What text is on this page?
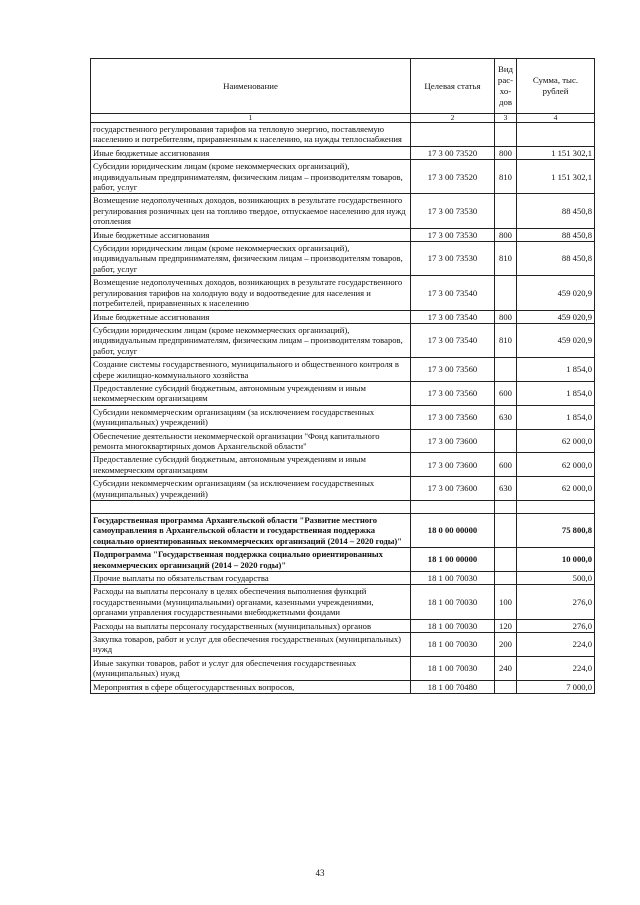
Наименование	Целевая статья	Вид рас-хо-дов	Сумма, тыс. рублей
1	2	3	4
государственного регулирования тарифов на тепловую энергию, поставляемую населению и потребителям, приравненным к населению, на нужды теплоснабжения			
Иные бюджетные ассигнования	17 3 00 73520	800	1 151 302,1
Субсидии юридическим лицам (кроме некоммерческих организаций), индивидуальным предпринимателям, физическим лицам – производителям товаров, работ, услуг	17 3 00 73520	810	1 151 302,1
Возмещение недополученных доходов, возникающих в результате государственного регулирования розничных цен на топливо твердое, отпускаемое населению для нужд отопления	17 3 00 73530		88 450,8
Иные бюджетные ассигнования	17 3 00 73530	800	88 450,8
Субсидии юридическим лицам (кроме некоммерческих организаций), индивидуальным предпринимателям, физическим лицам – производителям товаров, работ, услуг	17 3 00 73530	810	88 450,8
Возмещение недополученных доходов, возникающих в результате государственного регулирования тарифов на холодную воду и водоотведение для населения и потребителей, приравненных к населению	17 3 00 73540		459 020,9
Иные бюджетные ассигнования	17 3 00 73540	800	459 020,9
Субсидии юридическим лицам (кроме некоммерческих организаций), индивидуальным предпринимателям, физическим лицам – производителям товаров, работ, услуг	17 3 00 73540	810	459 020,9
Создание системы государственного, муниципального и общественного контроля в сфере жилищно-коммунального хозяйства	17 3 00 73560		1 854,0
Предоставление субсидий бюджетным, автономным учреждениям и иным некоммерческим организациям	17 3 00 73560	600	1 854,0
Субсидии некоммерческим организациям (за исключением государственных (муниципальных) учреждений)	17 3 00 73560	630	1 854,0
Обеспечение деятельности некоммерческой организации "Фонд капитального ремонта многоквартирных домов Архангельской области"	17 3 00 73600		62 000,0
Предоставление субсидий бюджетным, автономным учреждениям и иным некоммерческим организациям	17 3 00 73600	600	62 000,0
Субсидии некоммерческим организациям (за исключением государственных (муниципальных) учреждений)	17 3 00 73600	630	62 000,0

Государственная программа Архангельской области "Развитие местного самоуправления в Архангельской области и государственная поддержка социально ориентированных некоммерческих организаций (2014 – 2020 годы)"	18 0 00 00000		75 800,8
Подпрограмма "Государственная поддержка социально ориентированных некоммерческих организаций (2014 – 2020 годы)"	18 1 00 00000		10 000,0
Прочие выплаты по обязательствам государства	18 1 00 70030		500,0
Расходы на выплаты персоналу в целях обеспечения выполнения функций государственными (муниципальными) органами, казенными учреждениями, органами управления государственными внебюджетными фондами	18 1 00 70030	100	276,0
Расходы на выплаты персоналу государственных (муниципальных) органов	18 1 00 70030	120	276,0
Закупка товаров, работ и услуг для обеспечения государственных (муниципальных) нужд	18 1 00 70030	200	224,0
Иные закупки товаров, работ и услуг для обеспечения государственных (муниципальных) нужд	18 1 00 70030	240	224,0
Мероприятия в сфере общегосударственных вопросов,	18 1 00 70480		7 000,0
43
